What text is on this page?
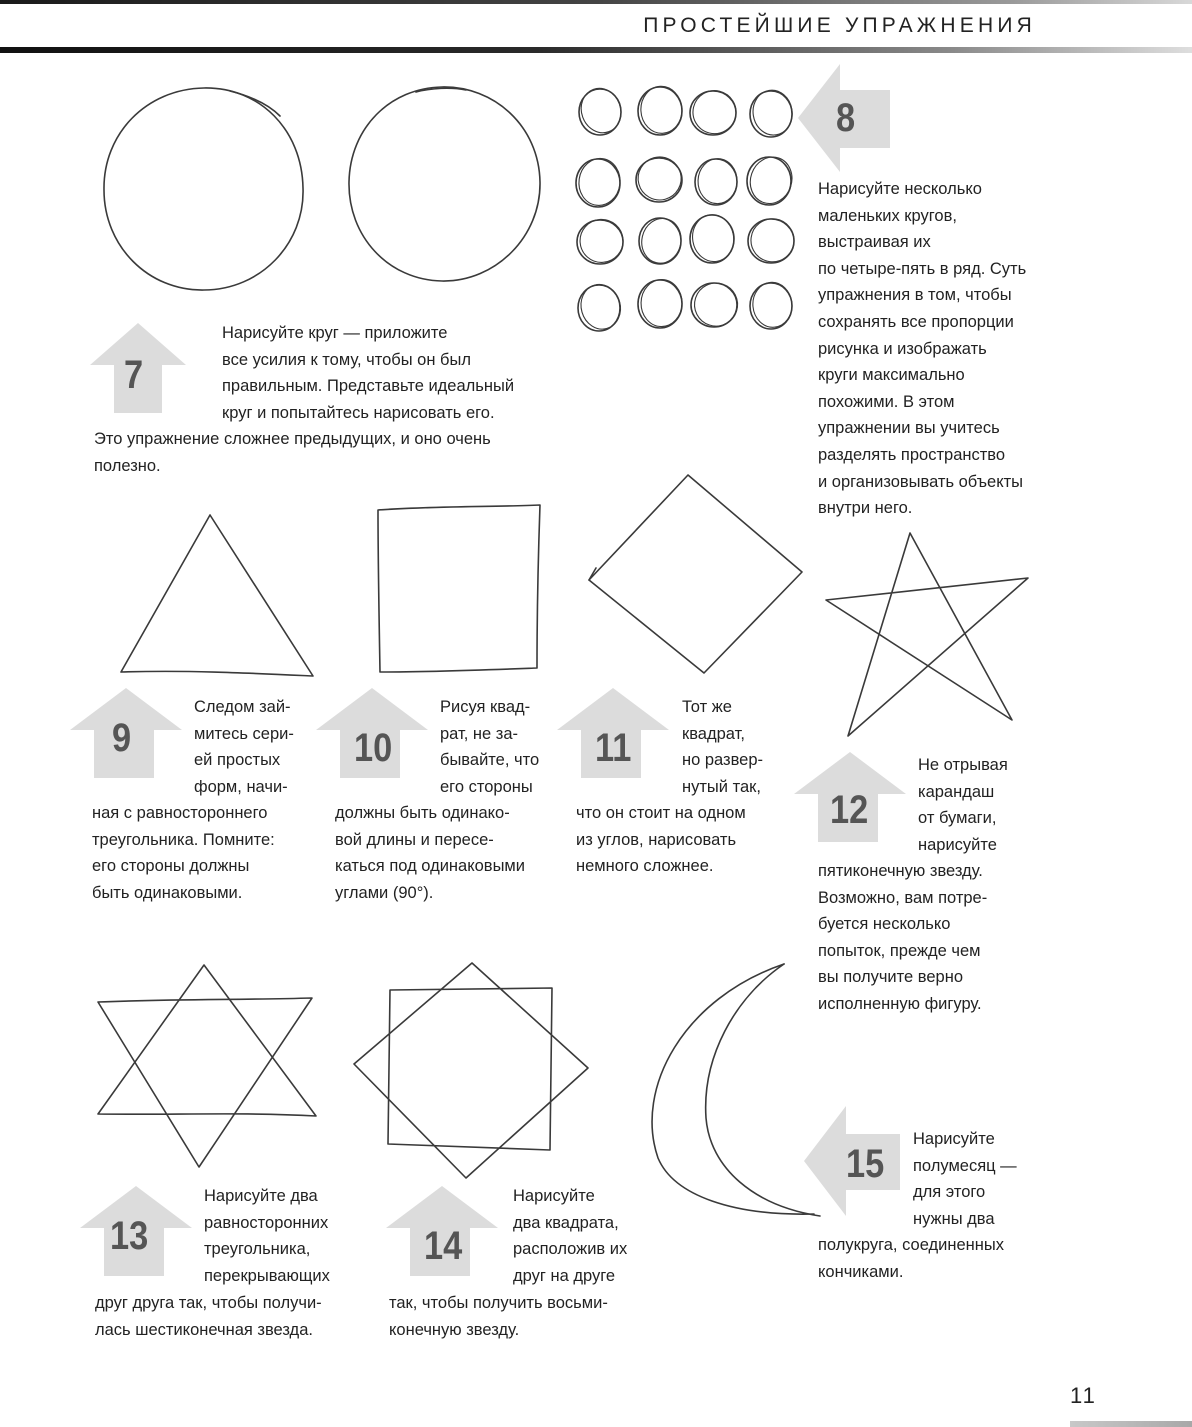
ПРОСТЕЙШИЕ УПРАЖНЕНИЯ
7
9	10	11
12
13	14
8
15
Нарисуйте круг — приложите
все усилия к тому, чтобы он был
правильным. Представьте идеальный
круг и попытайтесь нарисовать его.
Это упражнение сложнее предыдущих, и оно очень
полезно.
Нарисуйте несколько
маленьких кругов,
выстраивая их
по четыре-пять в ряд. Суть
упражнения в том, чтобы
сохранять все пропорции
рисунка и изображать
круги максимально
похожими. В этом
упражнении вы учитесь
разделять пространство
и организовывать объекты
внутри него.
Следом зай-
митесь сери-
ей простых
форм, начи-
ная с равностороннего
треугольника. Помните:
его стороны должны
быть одинаковыми.
Рисуя квад-
рат, не за-
бывайте, что
его стороны
должны быть одинако-
вой длины и пересе-
каться под одинаковыми
углами (90°).
Тот же
квадрат,
но развер-
нутый так,
что он стоит на одном
из углов, нарисовать
немного сложнее.
Не отрывая
карандаш
от бумаги,
нарисуйте
пятиконечную звезду.
Возможно, вам потре-
буется несколько
попыток, прежде чем
вы получите верно
исполненную фигуру.
Нарисуйте два
равносторонних
треугольника,
перекрывающих
друг друга так, чтобы получи-
лась шестиконечная звезда.
Нарисуйте
два квадрата,
расположив их
друг на друге
так, чтобы получить восьми-
конечную звезду.
Нарисуйте
полумесяц —
для этого
нужны два
полукруга, соединенных
кончиками.
11
